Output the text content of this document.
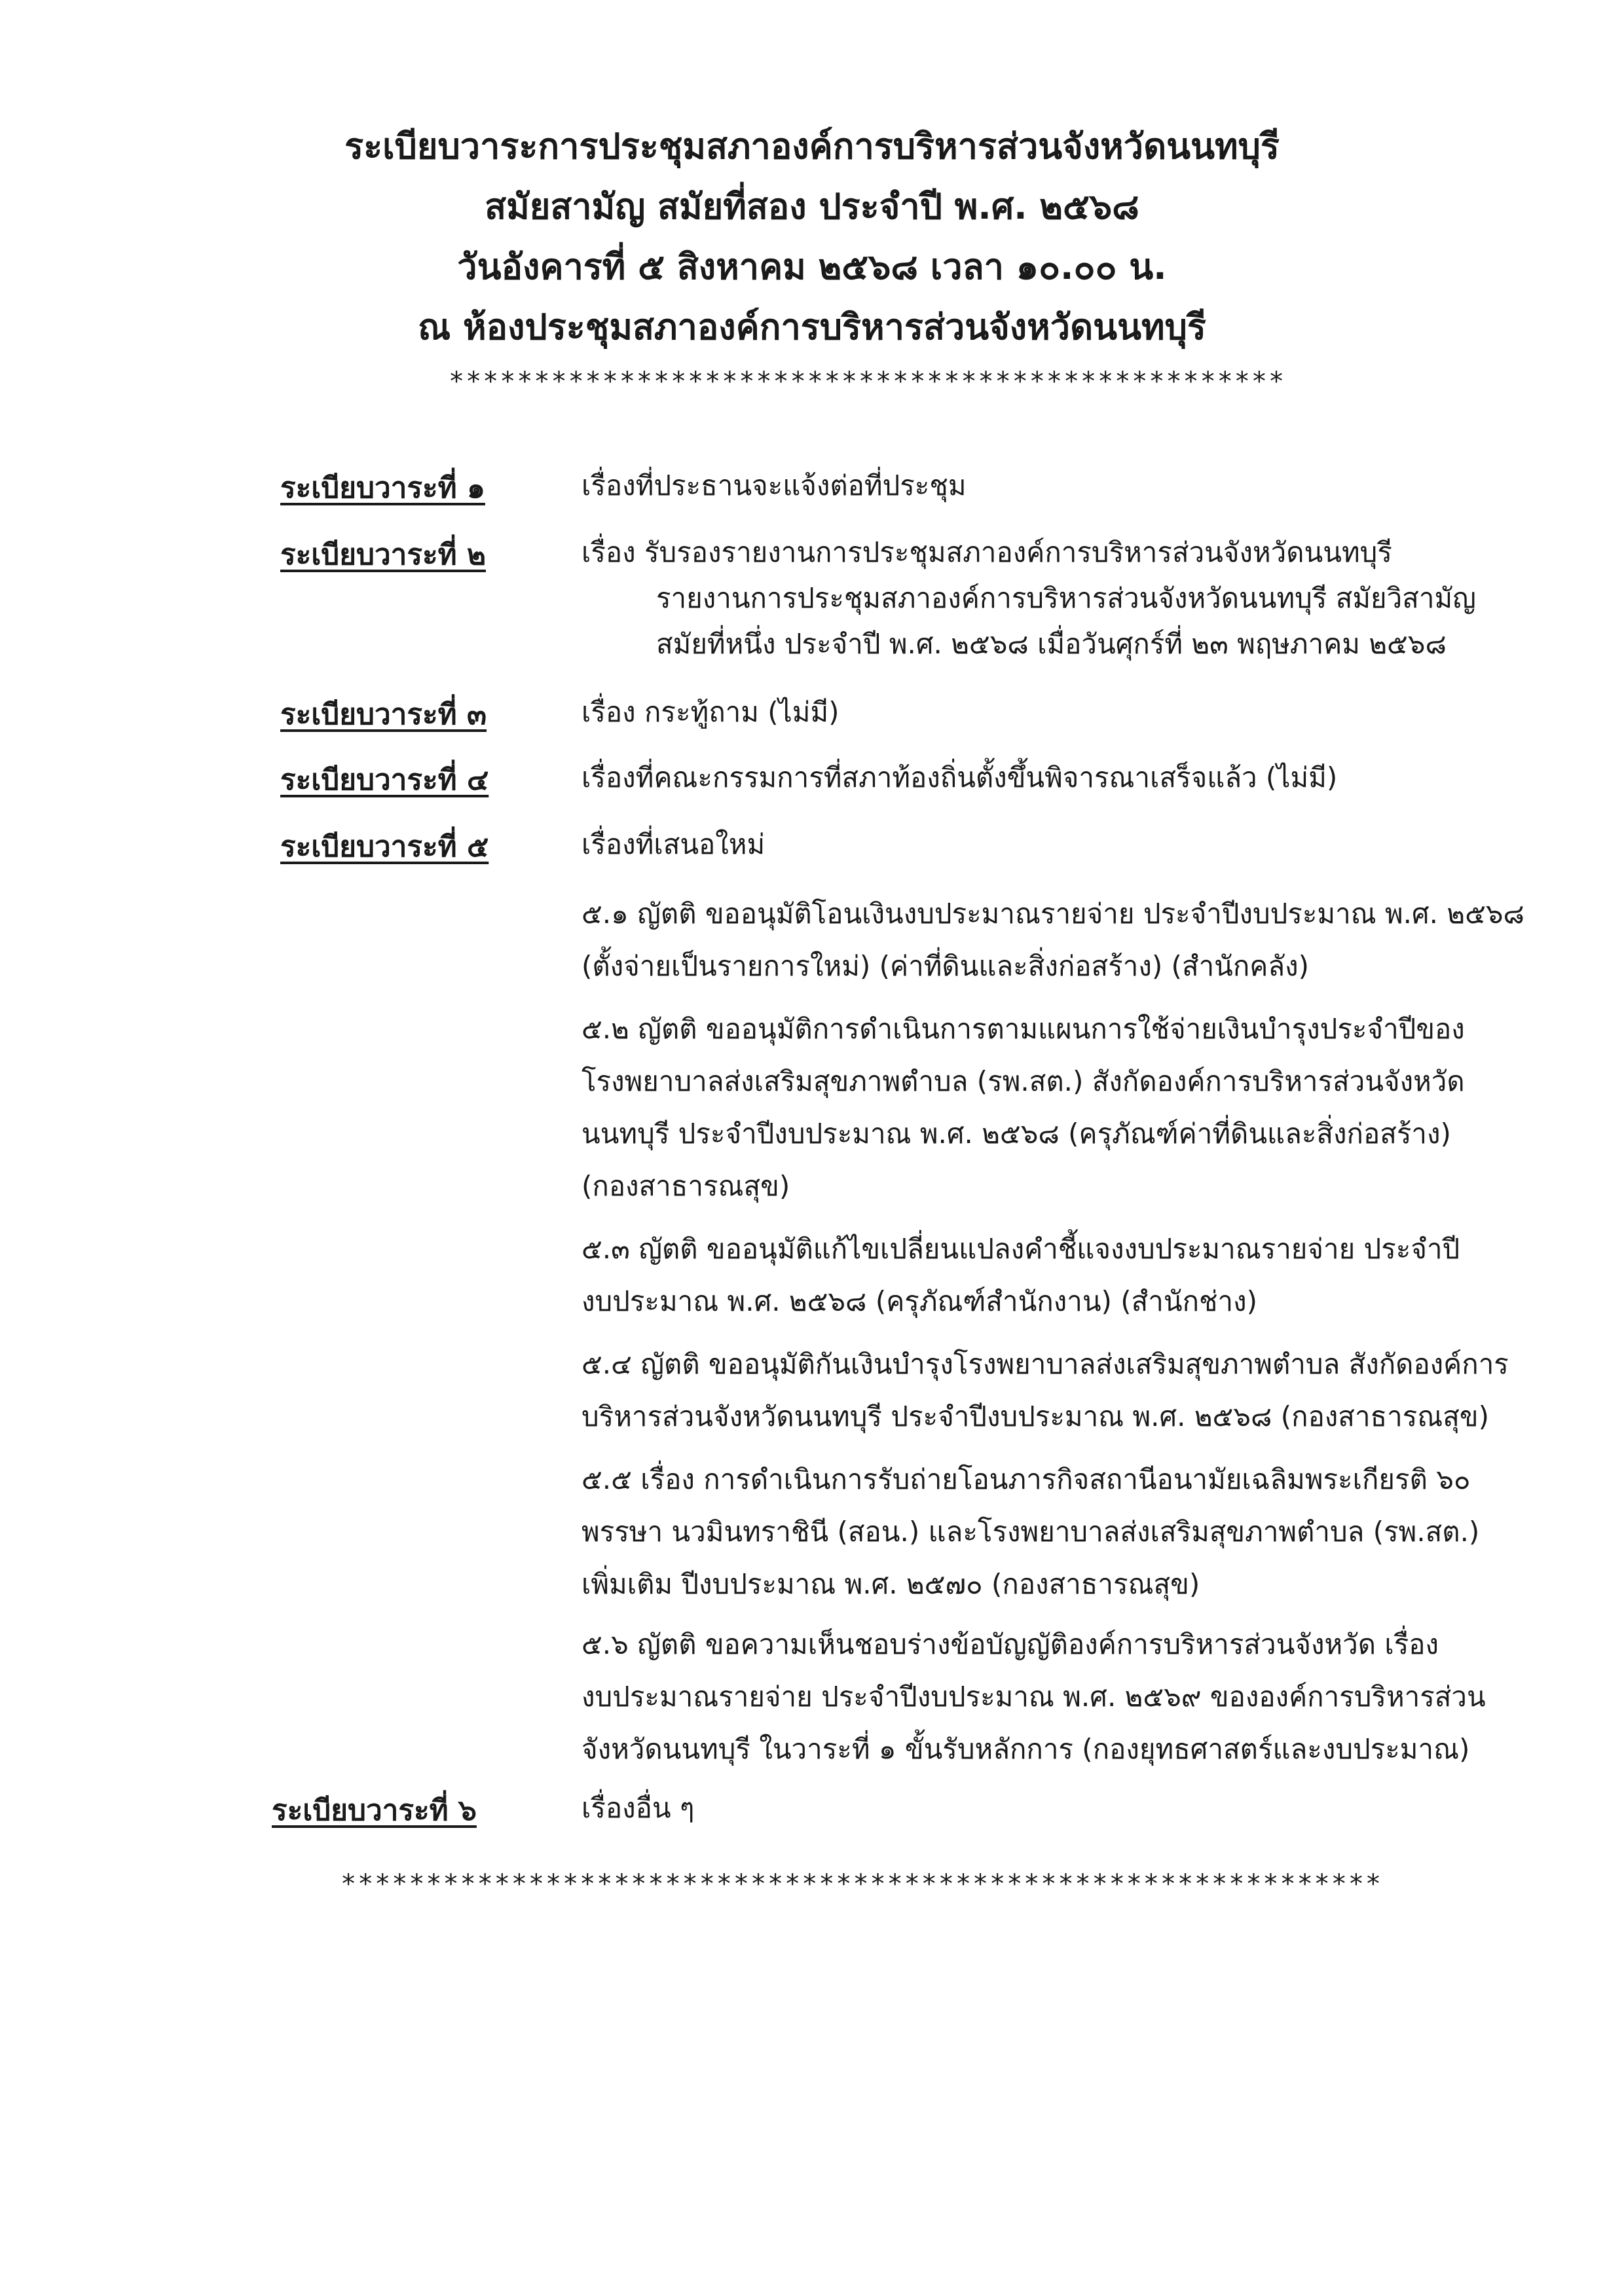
ระเบียบวาระการประชุมสภาองค์การบริหารส่วนจังหวัดนนทบุรี
สมัยสามัญ สมัยที่สอง ประจำปี พ.ศ. ๒๕๖๘
วันอังคารที่ ๕ สิงหาคม ๒๕๖๘ เวลา ๑๐.๐๐ น.
ณ ห้องประชุมสภาองค์การบริหารส่วนจังหวัดนนทบุรี
*************************************************
ระเบียบวาระที่ ๑	เรื่องที่ประธานจะแจ้งต่อที่ประชุม
ระเบียบวาระที่ ๒	เรื่อง รับรองรายงานการประชุมสภาองค์การบริหารส่วนจังหวัดนนทบุรี
รายงานการประชุมสภาองค์การบริหารส่วนจังหวัดนนทบุรี สมัยวิสามัญ
สมัยที่หนึ่ง ประจำปี พ.ศ. ๒๕๖๘ เมื่อวันศุกร์ที่ ๒๓ พฤษภาคม ๒๕๖๘
ระเบียบวาระที่ ๓	เรื่อง กระทู้ถาม (ไม่มี)
ระเบียบวาระที่ ๔	เรื่องที่คณะกรรมการที่สภาท้องถิ่นตั้งขึ้นพิจารณาเสร็จแล้ว (ไม่มี)
ระเบียบวาระที่ ๕	เรื่องที่เสนอใหม่
๕.๑ ญัตติ ขออนุมัติโอนเงินงบประมาณรายจ่าย ประจำปีงบประมาณ พ.ศ. ๒๕๖๘
(ตั้งจ่ายเป็นรายการใหม่) (ค่าที่ดินและสิ่งก่อสร้าง) (สำนักคลัง)
๕.๒ ญัตติ ขออนุมัติการดำเนินการตามแผนการใช้จ่ายเงินบำรุงประจำปีของ
โรงพยาบาลส่งเสริมสุขภาพตำบล (รพ.สต.) สังกัดองค์การบริหารส่วนจังหวัด
นนทบุรี ประจำปีงบประมาณ พ.ศ. ๒๕๖๘ (ครุภัณฑ์ค่าที่ดินและสิ่งก่อสร้าง)
(กองสาธารณสุข)
๕.๓ ญัตติ ขออนุมัติแก้ไขเปลี่ยนแปลงคำชี้แจงงบประมาณรายจ่าย ประจำปี
งบประมาณ พ.ศ. ๒๕๖๘ (ครุภัณฑ์สำนักงาน) (สำนักช่าง)
๕.๔ ญัตติ ขออนุมัติกันเงินบำรุงโรงพยาบาลส่งเสริมสุขภาพตำบล สังกัดองค์การ
บริหารส่วนจังหวัดนนทบุรี ประจำปีงบประมาณ พ.ศ. ๒๕๖๘ (กองสาธารณสุข)
๕.๕ เรื่อง การดำเนินการรับถ่ายโอนภารกิจสถานีอนามัยเฉลิมพระเกียรติ ๖๐
พรรษา นวมินทราชินี (สอน.) และโรงพยาบาลส่งเสริมสุขภาพตำบล (รพ.สต.)
เพิ่มเติม ปีงบประมาณ พ.ศ. ๒๕๗๐ (กองสาธารณสุข)
๕.๖ ญัตติ ขอความเห็นชอบร่างข้อบัญญัติองค์การบริหารส่วนจังหวัด เรื่อง
งบประมาณรายจ่าย ประจำปีงบประมาณ พ.ศ. ๒๕๖๙ ขององค์การบริหารส่วน
จังหวัดนนทบุรี ในวาระที่ ๑ ขั้นรับหลักการ (กองยุทธศาสตร์และงบประมาณ)
ระเบียบวาระที่ ๖	เรื่องอื่น ๆ
*************************************************************
